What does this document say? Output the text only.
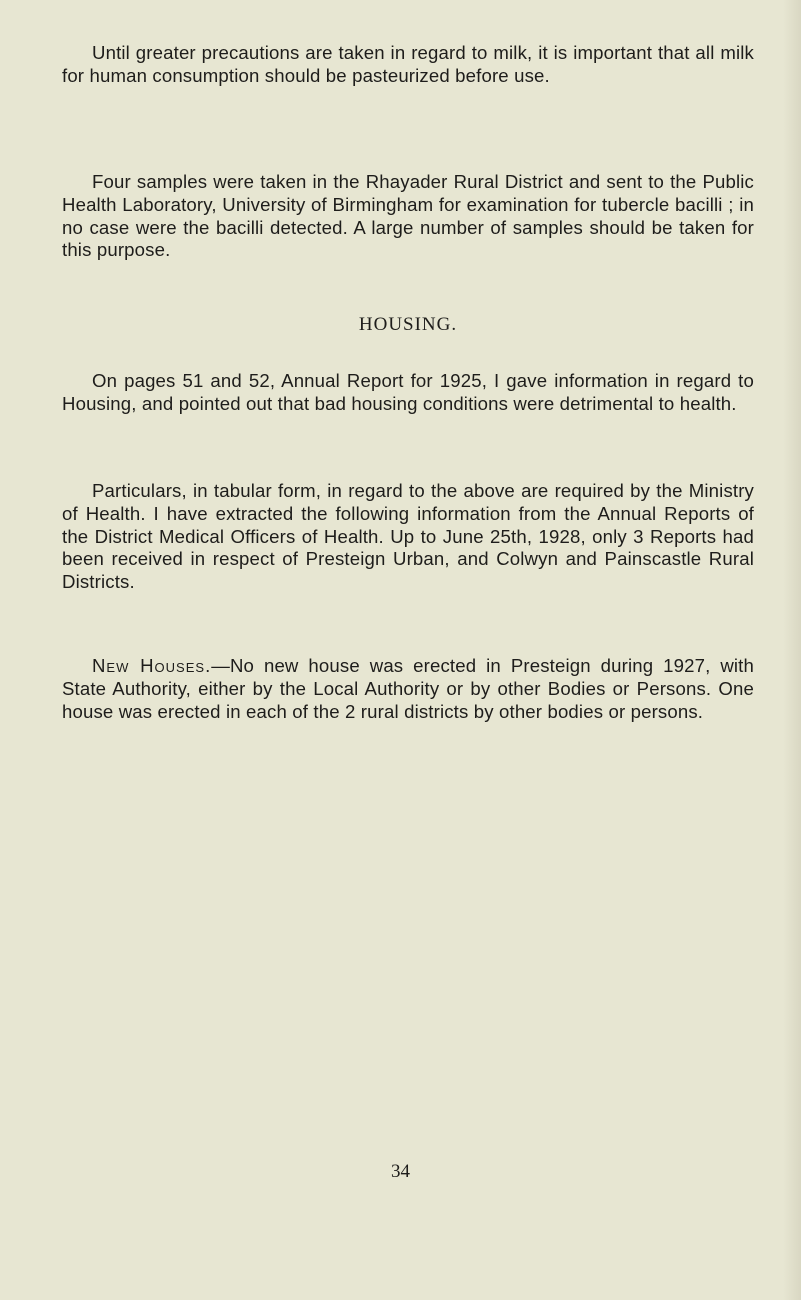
Until greater precautions are taken in regard to milk, it is important that all milk for human consumption should be pasteurized before use.

Four samples were taken in the Rhayader Rural District and sent to the Public Health Laboratory, University of Birmingham for examination for tubercle bacilli ; in no case were the bacilli detected. A large number of samples should be taken for this purpose.

HOUSING.

On pages 51 and 52, Annual Report for 1925, I gave information in regard to Housing, and pointed out that bad housing conditions were detrimental to health.

Particulars, in tabular form, in regard to the above are required by the Ministry of Health. I have extracted the following information from the Annual Reports of the District Medical Officers of Health. Up to June 25th, 1928, only 3 Reports had been received in respect of Presteign Urban, and Colwyn and Painscastle Rural Districts.

New Houses.—No new house was erected in Presteign during 1927, with State Authority, either by the Local Authority or by other Bodies or Persons. One house was erected in each of the 2 rural districts by other bodies or persons.

34
